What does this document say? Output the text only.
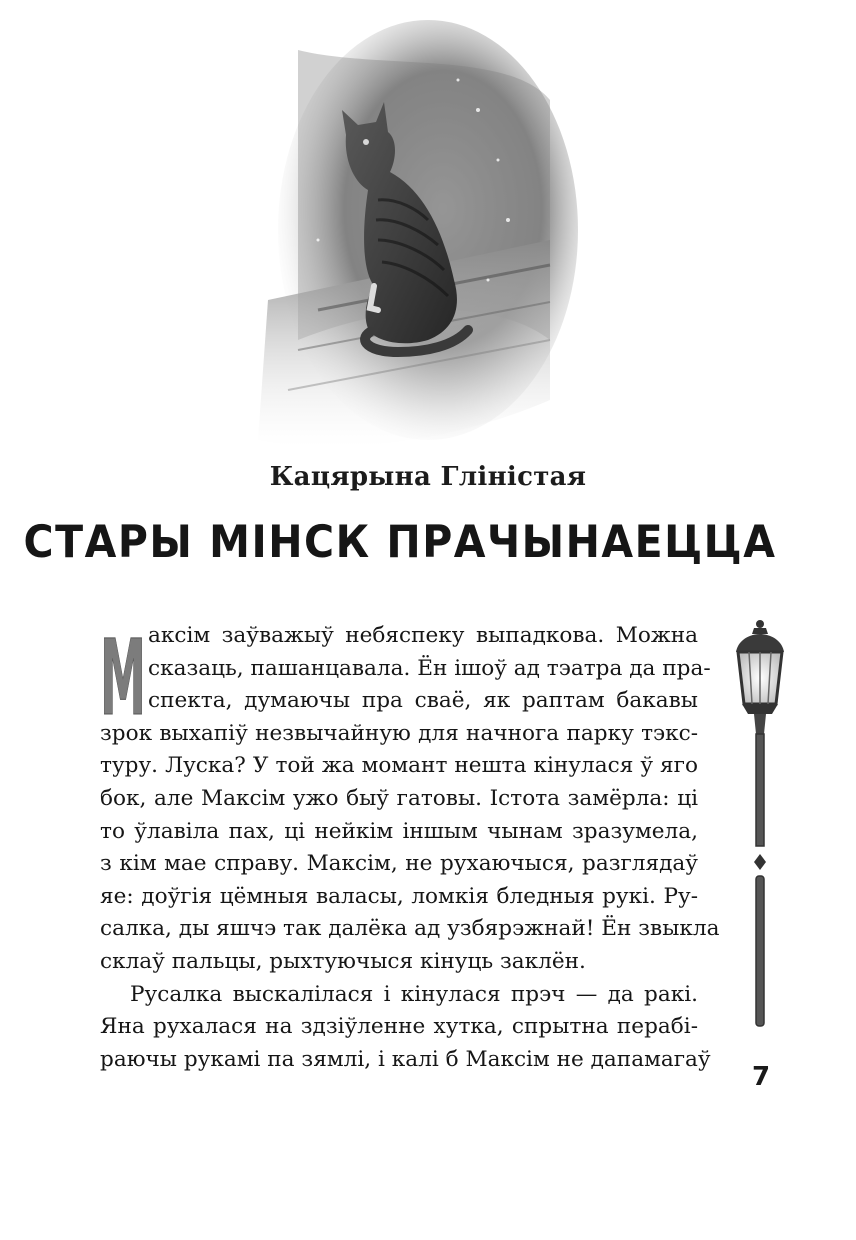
Кацярына Гліністая
СТАРЫ МІНСК ПРАЧЫНАЕЦЦА
М аксім заўважыў небяспеку выпадкова. Можна
сказаць, пашанцавала. Ён ішоў ад тэатра да пра-
спекта, думаючы пра сваё, як раптам бакавы
зрок выхапіў незвычайную для начнога парку тэкс-
туру. Луска? У той жа момант нешта кінулася ў яго
бок, але Максім ужо быў гатовы. Істота замёрла: ці
то ўлавіла пах, ці нейкім іншым чынам зразумела,
з кім мае справу. Максім, не рухаючыся, разглядаў
яе: доўгія цёмныя валасы, ломкія бледныя рукі. Ру-
салка, ды яшчэ так далёка ад узбярэжнай! Ён звыкла
склаў пальцы, рыхтуючыся кінуць заклён.
Русалка выскалілася і кінулася прэч — да ракі.
Яна рухалася на здзіўленне хутка, спрытна перабі-
раючы рукамі па зямлі, і калі б Максім не дапамагаў
7
